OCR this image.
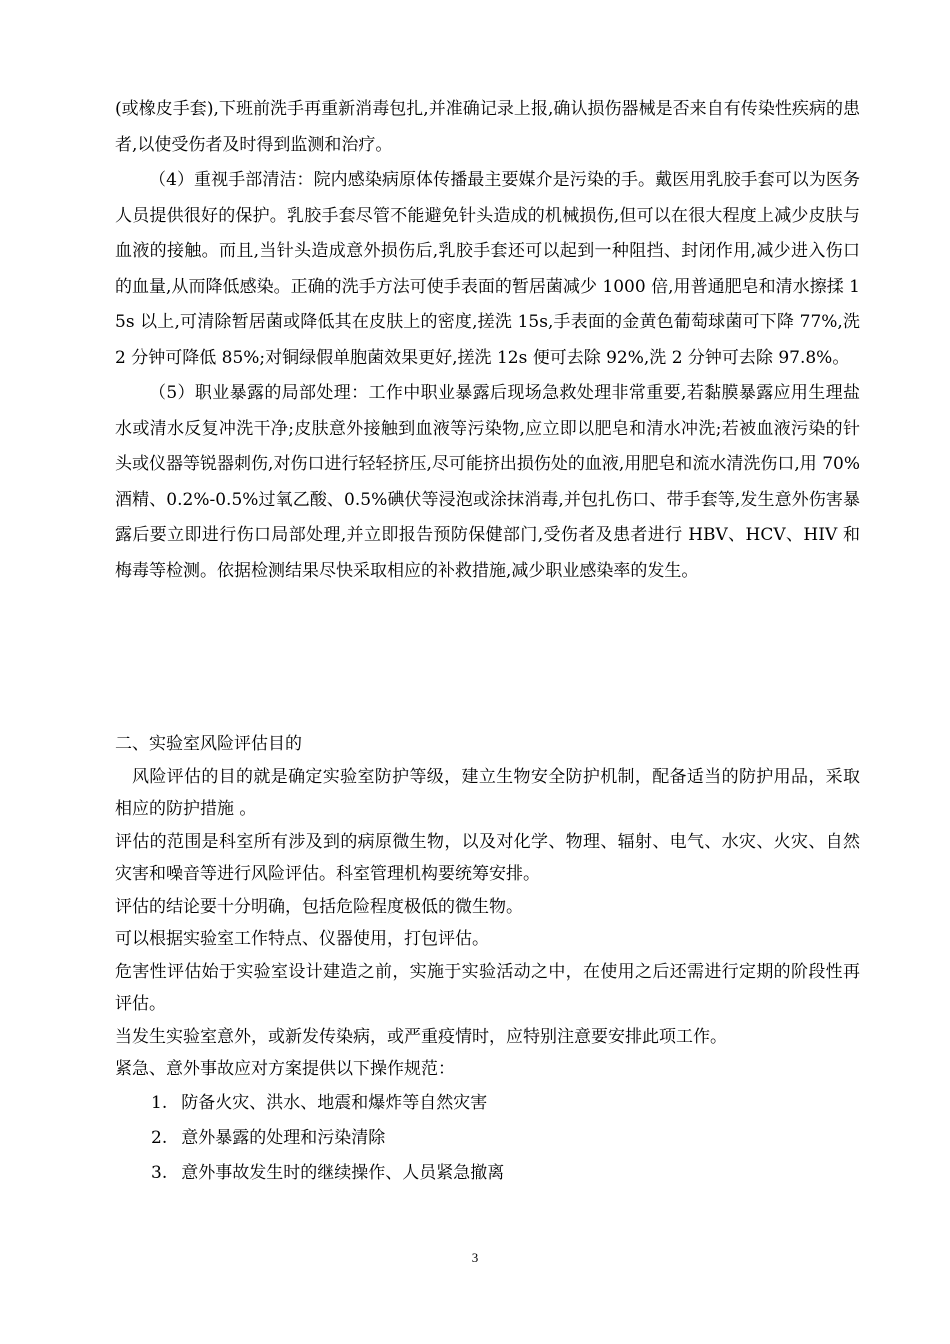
(或橡皮手套),下班前洗手再重新消毒包扎,并准确记录上报,确认损伤器械是否来自有传染性疾病的患者,以使受伤者及时得到监测和治疗。

（4）重视手部清洁：院内感染病原体传播最主要媒介是污染的手。戴医用乳胶手套可以为医务人员提供很好的保护。乳胶手套尽管不能避免针头造成的机械损伤,但可以在很大程度上减少皮肤与血液的接触。而且,当针头造成意外损伤后,乳胶手套还可以起到一种阻挡、封闭作用,减少进入伤口的血量,从而降低感染。正确的洗手方法可使手表面的暂居菌减少 1000 倍,用普通肥皂和清水擦揉 15s 以上,可清除暂居菌或降低其在皮肤上的密度,搓洗 15s,手表面的金黄色葡萄球菌可下降 77%,洗 2 分钟可降低 85%;对铜绿假单胞菌效果更好,搓洗 12s 便可去除 92%,洗 2 分钟可去除 97.8%。

（5）职业暴露的局部处理：工作中职业暴露后现场急救处理非常重要,若黏膜暴露应用生理盐水或清水反复冲洗干净;皮肤意外接触到血液等污染物,应立即以肥皂和清水冲洗;若被血液污染的针头或仪器等锐器刺伤,对伤口进行轻轻挤压,尽可能挤出损伤处的血液,用肥皂和流水清洗伤口,用 70%酒精、0.2%-0.5%过氧乙酸、0.5%碘伏等浸泡或涂抹消毒,并包扎伤口、带手套等,发生意外伤害暴露后要立即进行伤口局部处理,并立即报告预防保健部门,受伤者及患者进行 HBV、HCV、HIV 和梅毒等检测。依据检测结果尽快采取相应的补救措施,减少职业感染率的发生。

二、实验室风险评估目的

风险评估的目的就是确定实验室防护等级，建立生物安全防护机制，配备适当的防护用品，采取相应的防护措施 。

评估的范围是科室所有涉及到的病原微生物，以及对化学、物理、辐射、电气、水灾、火灾、自然灾害和噪音等进行风险评估。科室管理机构要统筹安排。

评估的结论要十分明确，包括危险程度极低的微生物。

可以根据实验室工作特点、仪器使用，打包评估。

危害性评估始于实验室设计建造之前，实施于实验活动之中，在使用之后还需进行定期的阶段性再评估。

当发生实验室意外，或新发传染病，或严重疫情时，应特别注意要安排此项工作。

紧急、意外事故应对方案提供以下操作规范：

1. 防备火灾、洪水、地震和爆炸等自然灾害
2. 意外暴露的处理和污染清除
3. 意外事故发生时的继续操作、人员紧急撤离
3
